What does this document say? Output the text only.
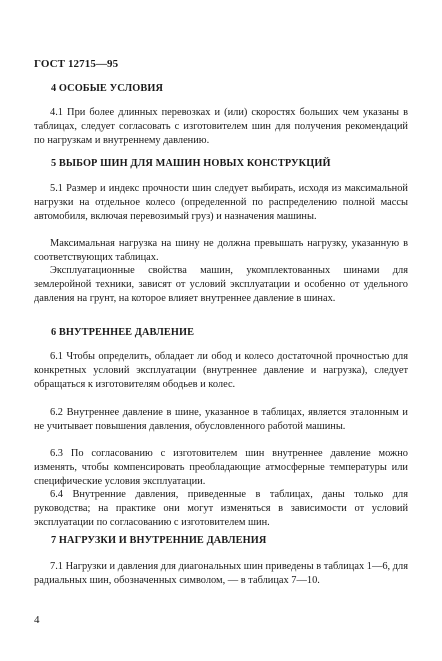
ГОСТ 12715—95
4 ОСОБЫЕ УСЛОВИЯ
4.1 При более длинных перевозках и (или) скоростях больших чем указаны в таблицах, следует согласовать с изготовителем шин для получения рекомендаций по нагрузкам и внутреннему давлению.
5 ВЫБОР ШИН ДЛЯ МАШИН НОВЫХ КОНСТРУКЦИЙ
5.1 Размер и индекс прочности шин следует выбирать, исходя из максимальной нагрузки на отдельное колесо (определенной по распределению полной массы автомобиля, включая перевозимый груз) и назначения машины.
Максимальная нагрузка на шину не должна превышать нагрузку, указанную в соответствующих таблицах.
Эксплуатационные свойства машин, укомплектованных шинами для землеройной техники, зависят от условий эксплуатации и особенно от удельного давления на грунт, на которое влияет внутреннее давление в шинах.
6 ВНУТРЕННЕЕ ДАВЛЕНИЕ
6.1 Чтобы определить, обладает ли обод и колесо достаточной прочностью для конкретных условий эксплуатации (внутреннее давление и нагрузка), следует обращаться к изготовителям ободьев и колес.
6.2 Внутреннее давление в шине, указанное в таблицах, является эталонным и не учитывает повышения давления, обусловленного работой машины.
6.3 По согласованию с изготовителем шин внутреннее давление можно изменять, чтобы компенсировать преобладающие атмосферные температуры или специфические условия эксплуатации.
6.4 Внутренние давления, приведенные в таблицах, даны только для руководства; на практике они могут изменяться в зависимости от условий эксплуатации по согласованию с изготовителем шин.
7 НАГРУЗКИ И ВНУТРЕННИЕ ДАВЛЕНИЯ
7.1 Нагрузки и давления для диагональных шин приведены в таблицах 1—6, для радиальных шин, обозначенных символом, — в таблицах 7—10.
4
